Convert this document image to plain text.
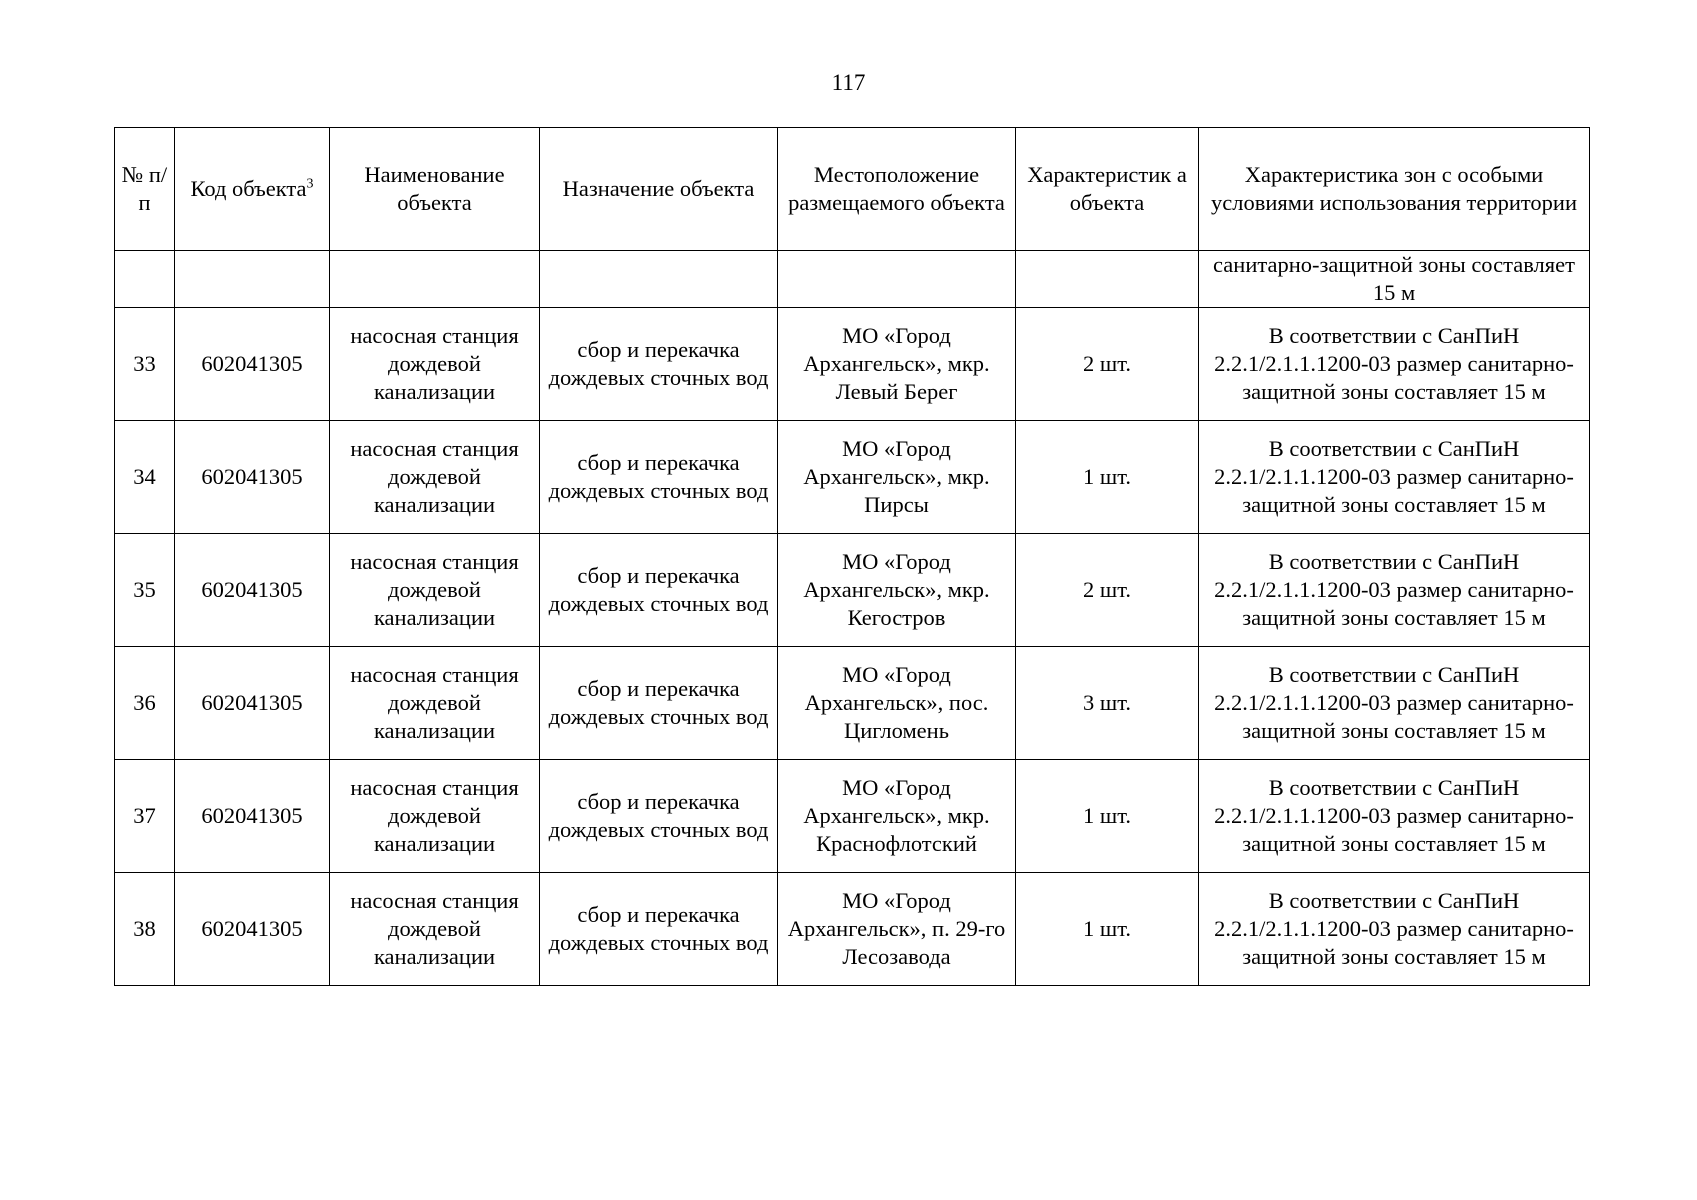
117
№ п/п	Код объекта$^3$	Наименование объекта	Назначение объекта	Местоположение размещаемого объекта	Характеристик а объекта	Характеристика зон с особыми условиями использования территории
						санитарно-защитной зоны составляет 15 м
33	602041305	насосная станция дождевой канализации	сбор и перекачка дождевых сточных вод	МО «Город Архангельск», мкр. Левый Берег	2 шт.	В соответствии с СанПиН 2.2.1/2.1.1.1200-03 размер санитарно-защитной зоны составляет 15 м
34	602041305	насосная станция дождевой канализации	сбор и перекачка дождевых сточных вод	МО «Город Архангельск», мкр. Пирсы	1 шт.	В соответствии с СанПиН 2.2.1/2.1.1.1200-03 размер санитарно-защитной зоны составляет 15 м
35	602041305	насосная станция дождевой канализации	сбор и перекачка дождевых сточных вод	МО «Город Архангельск», мкр. Кегостров	2 шт.	В соответствии с СанПиН 2.2.1/2.1.1.1200-03 размер санитарно-защитной зоны составляет 15 м
36	602041305	насосная станция дождевой канализации	сбор и перекачка дождевых сточных вод	МО «Город Архангельск», пос. Цигломень	3 шт.	В соответствии с СанПиН 2.2.1/2.1.1.1200-03 размер санитарно-защитной зоны составляет 15 м
37	602041305	насосная станция дождевой канализации	сбор и перекачка дождевых сточных вод	МО «Город Архангельск», мкр. Краснофлотский	1 шт.	В соответствии с СанПиН 2.2.1/2.1.1.1200-03 размер санитарно-защитной зоны составляет 15 м
38	602041305	насосная станция дождевой канализации	сбор и перекачка дождевых сточных вод	МО «Город Архангельск», п. 29-го Лесозавода	1 шт.	В соответствии с СанПиН 2.2.1/2.1.1.1200-03 размер санитарно-защитной зоны составляет 15 м
